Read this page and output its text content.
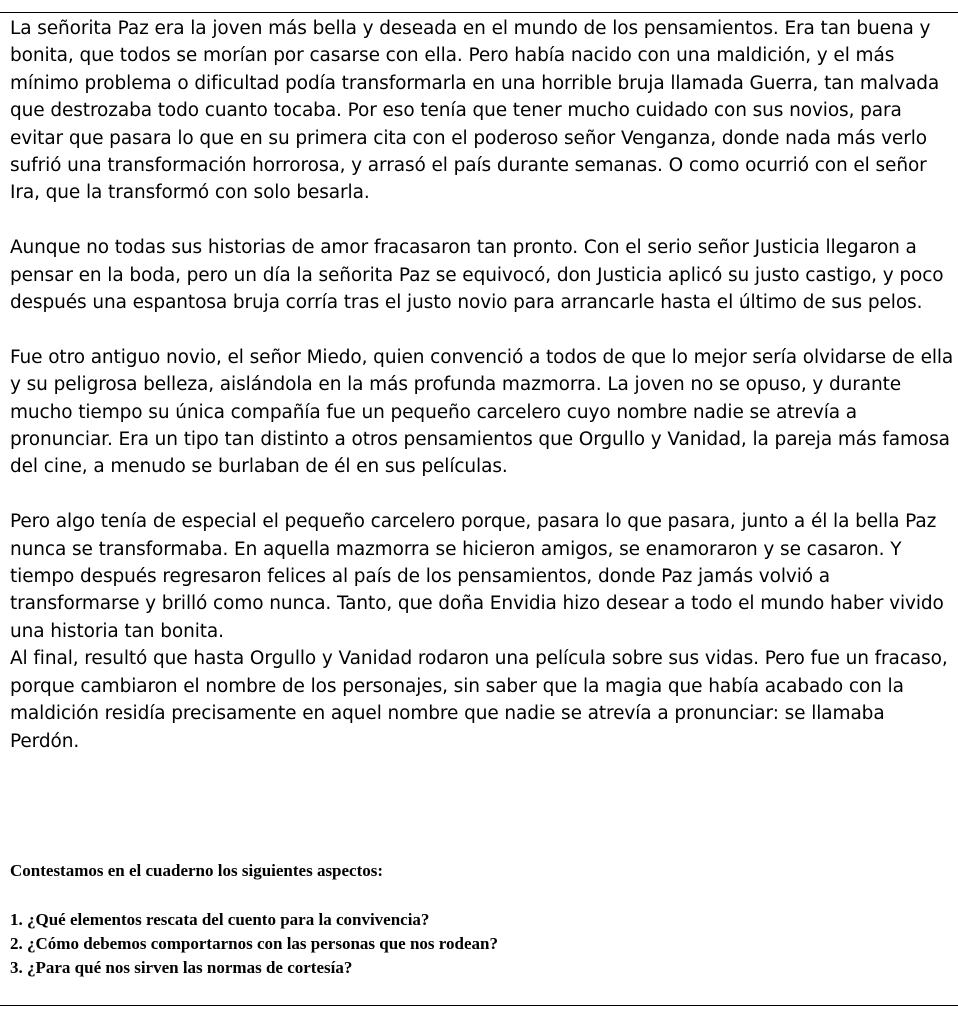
La señorita Paz era la joven más bella y deseada en el mundo de los pensamientos. Era tan buena y bonita, que todos se morían por casarse con ella. Pero había nacido con una maldición, y el más mínimo problema o dificultad podía transformarla en una horrible bruja llamada Guerra, tan malvada que destrozaba todo cuanto tocaba. Por eso tenía que tener mucho cuidado con sus novios, para evitar que pasara lo que en su primera cita con el poderoso señor Venganza, donde nada más verlo sufrió una transformación horrorosa, y arrasó el país durante semanas. O como ocurrió con el señor Ira, que la transformó con solo besarla.

Aunque no todas sus historias de amor fracasaron tan pronto. Con el serio señor Justicia llegaron a pensar en la boda, pero un día la señorita Paz se equivocó, don Justicia aplicó su justo castigo, y poco después una espantosa bruja corría tras el justo novio para arrancarle hasta el último de sus pelos.

Fue otro antiguo novio, el señor Miedo, quien convenció a todos de que lo mejor sería olvidarse de ella y su peligrosa belleza, aislándola en la más profunda mazmorra. La joven no se opuso, y durante mucho tiempo su única compañía fue un pequeño carcelero cuyo nombre nadie se atrevía a pronunciar. Era un tipo tan distinto a otros pensamientos que Orgullo y Vanidad, la pareja más famosa del cine, a menudo se burlaban de él en sus películas.

Pero algo tenía de especial el pequeño carcelero porque, pasara lo que pasara, junto a él la bella Paz nunca se transformaba. En aquella mazmorra se hicieron amigos, se enamoraron y se casaron. Y tiempo después regresaron felices al país de los pensamientos, donde Paz jamás volvió a transformarse y brilló como nunca. Tanto, que doña Envidia hizo desear a todo el mundo haber vivido una historia tan bonita.

Al final, resultó que hasta Orgullo y Vanidad rodaron una película sobre sus vidas. Pero fue un fracaso, porque cambiaron el nombre de los personajes, sin saber que la magia que había acabado con la maldición residía precisamente en aquel nombre que nadie se atrevía a pronunciar: se llamaba Perdón.

Contestamos en el cuaderno los siguientes aspectos:

1. ¿Qué elementos rescata del cuento para la convivencia?
2. ¿Cómo debemos comportarnos con las personas que nos rodean?
3. ¿Para qué nos sirven las normas de cortesía?
